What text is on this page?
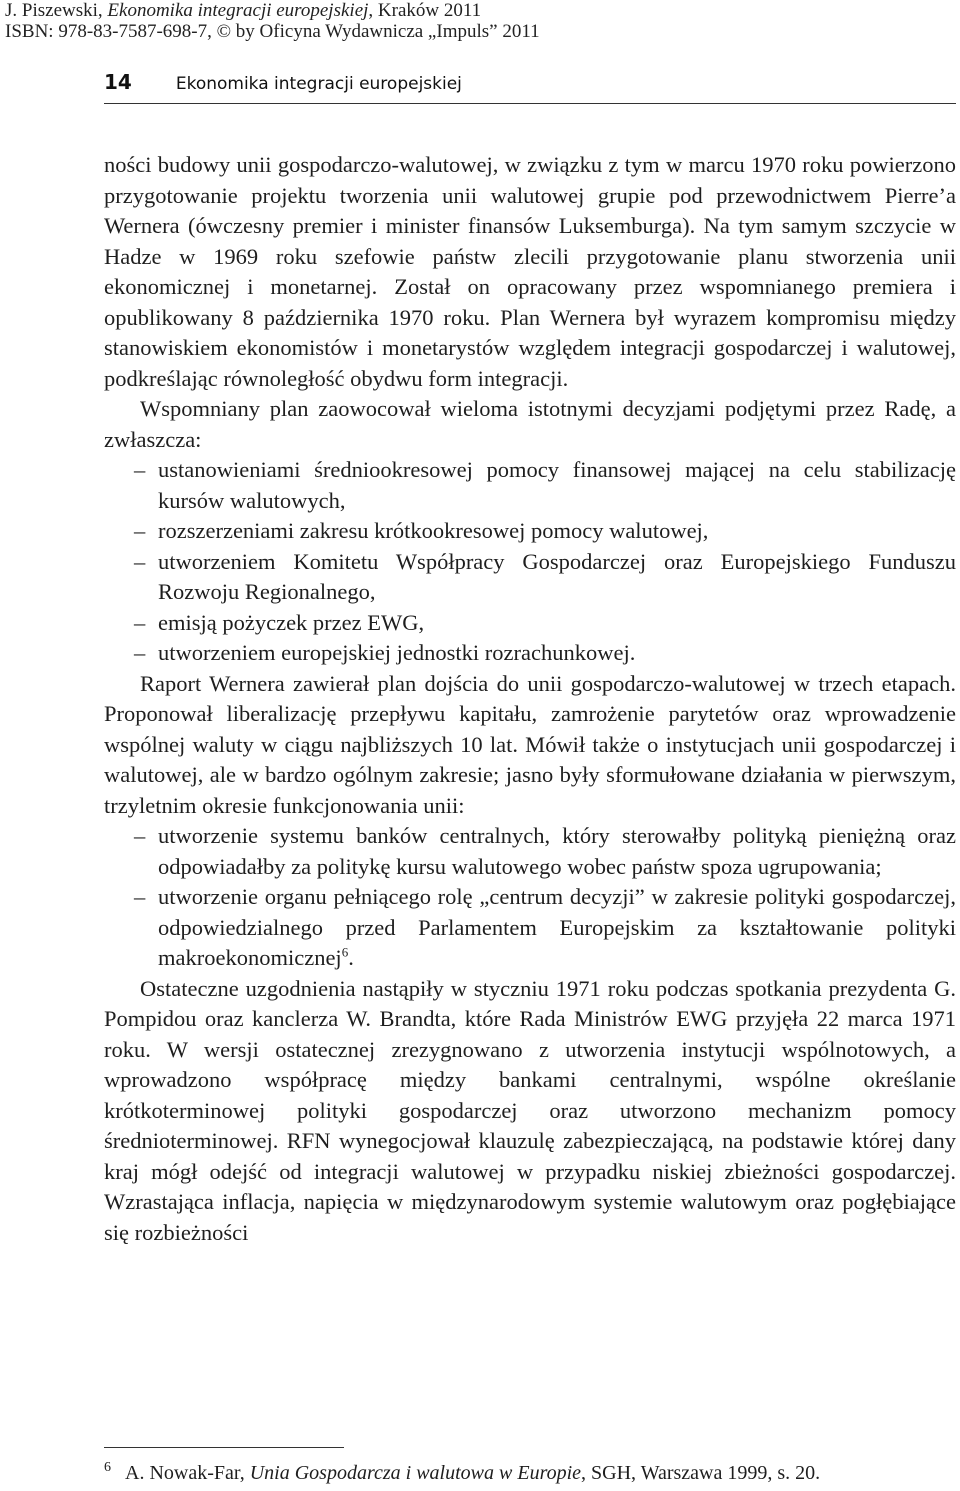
J. Piszewski, Ekonomika integracji europejskiej, Kraków 2011
ISBN: 978-83-7587-698-7, © by Oficyna Wydawnicza „Impuls” 2011
14	Ekonomika integracji europejskiej

ności budowy unii gospodarczo-walutowej, w związku z tym w marcu 1970 roku powierzono przygotowanie projektu tworzenia unii walutowej grupie pod przewodnictwem Pierre’a Wernera (ówczesny premier i minister finansów Luksemburga). Na tym samym szczycie w Hadze w 1969 roku szefowie państw zlecili przygotowanie planu stworzenia unii ekonomicznej i monetarnej. Został on opracowany przez wspomnianego premiera i opublikowany 8 października 1970 roku. Plan Wernera był wyrazem kompromisu między stanowiskiem ekonomistów i monetarystów względem integracji gospodarczej i walutowej, podkreślając równoległość obydwu form integracji.

Wspomniany plan zaowocował wieloma istotnymi decyzjami podjętymi przez Radę, a zwłaszcza:

– ustanowieniami średniookresowej pomocy finansowej mającej na celu stabilizację kursów walutowych,
– rozszerzeniami zakresu krótkookresowej pomocy walutowej,
– utworzeniem Komitetu Współpracy Gospodarczej oraz Europejskiego Funduszu Rozwoju Regionalnego,
– emisją pożyczek przez EWG,
– utworzeniem europejskiej jednostki rozrachunkowej.

Raport Wernera zawierał plan dojścia do unii gospodarczo-walutowej w trzech etapach. Proponował liberalizację przepływu kapitału, zamrożenie parytetów oraz wprowadzenie wspólnej waluty w ciągu najbliższych 10 lat. Mówił także o instytucjach unii gospodarczej i walutowej, ale w bardzo ogólnym zakresie; jasno były sformułowane działania w pierwszym, trzyletnim okresie funkcjonowania unii:

– utworzenie systemu banków centralnych, który sterowałby polityką pieniężną oraz odpowiadałby za politykę kursu walutowego wobec państw spoza ugrupowania;
– utworzenie organu pełniącego rolę „centrum decyzji” w zakresie polityki gospodarczej, odpowiedzialnego przed Parlamentem Europejskim za kształtowanie polityki makroekonomicznej$^6$.

Ostateczne uzgodnienia nastąpiły w styczniu 1971 roku podczas spotkania prezydenta G. Pompidou oraz kanclerza W. Brandta, które Rada Ministrów EWG przyjęła 22 marca 1971 roku. W wersji ostatecznej zrezygnowano z utworzenia instytucji wspólnotowych, a wprowadzono współpracę między bankami centralnymi, wspólne określanie krótkoterminowej polityki gospodarczej oraz utworzono mechanizm pomocy średnioterminowej. RFN wynegocjował klauzulę zabezpieczającą, na podstawie której dany kraj mógł odejść od integracji walutowej w przypadku niskiej zbieżności gospodarczej. Wzrastająca inflacja, napięcia w międzynarodowym systemie walutowym oraz pogłębiające się rozbieżności

$^6$ A. Nowak-Far, Unia Gospodarcza i walutowa w Europie, SGH, Warszawa 1999, s. 20.
